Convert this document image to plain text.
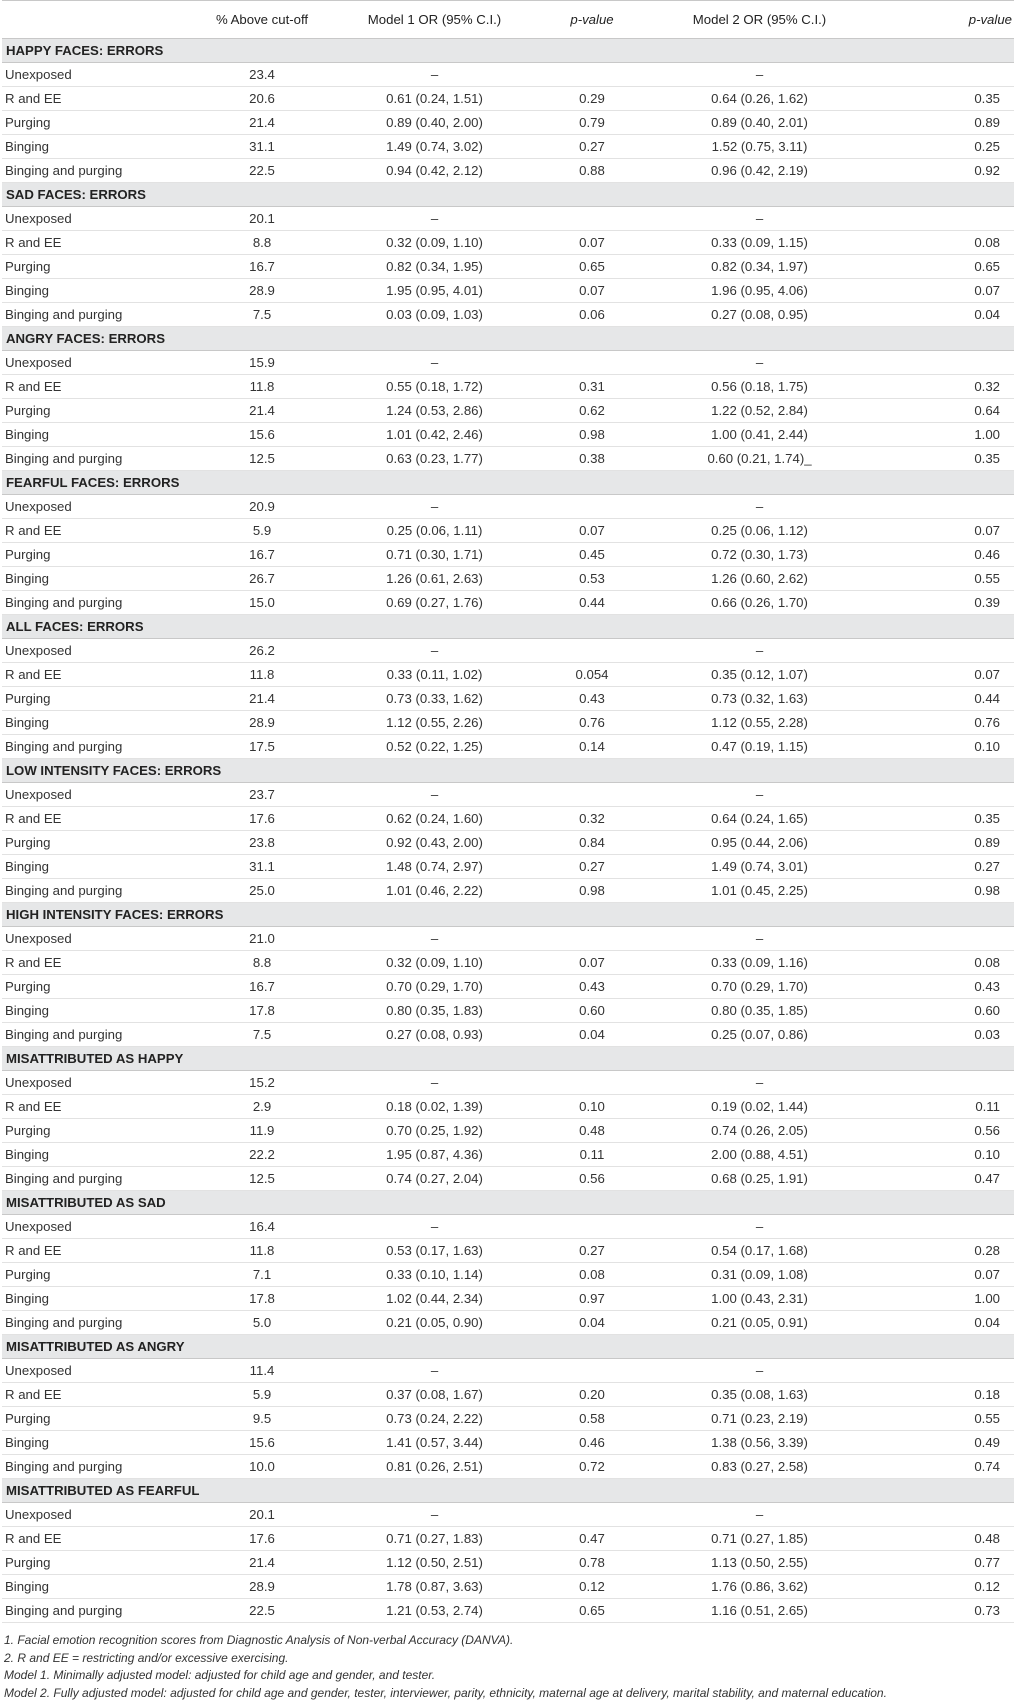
	% Above cut-off	Model 1 OR (95% C.I.)	p-value	Model 2 OR (95% C.I.)	p-value
HAPPY FACES: ERRORS					
Unexposed	23.4	–		–	
R and EE	20.6	0.61 (0.24, 1.51)	0.29	0.64 (0.26, 1.62)	0.35
Purging	21.4	0.89 (0.40, 2.00)	0.79	0.89 (0.40, 2.01)	0.89
Binging	31.1	1.49 (0.74, 3.02)	0.27	1.52 (0.75, 3.11)	0.25
Binging and purging	22.5	0.94 (0.42, 2.12)	0.88	0.96 (0.42, 2.19)	0.92
SAD FACES: ERRORS					
Unexposed	20.1	–		–	
R and EE	8.8	0.32 (0.09, 1.10)	0.07	0.33 (0.09, 1.15)	0.08
Purging	16.7	0.82 (0.34, 1.95)	0.65	0.82 (0.34, 1.97)	0.65
Binging	28.9	1.95 (0.95, 4.01)	0.07	1.96 (0.95, 4.06)	0.07
Binging and purging	7.5	0.03 (0.09, 1.03)	0.06	0.27 (0.08, 0.95)	0.04
ANGRY FACES: ERRORS					
Unexposed	15.9	–		–	
R and EE	11.8	0.55 (0.18, 1.72)	0.31	0.56 (0.18, 1.75)	0.32
Purging	21.4	1.24 (0.53, 2.86)	0.62	1.22 (0.52, 2.84)	0.64
Binging	15.6	1.01 (0.42, 2.46)	0.98	1.00 (0.41, 2.44)	1.00
Binging and purging	12.5	0.63 (0.23, 1.77)	0.38	0.60 (0.21, 1.74)_	0.35
FEARFUL FACES: ERRORS					
Unexposed	20.9	–		–	
R and EE	5.9	0.25 (0.06, 1.11)	0.07	0.25 (0.06, 1.12)	0.07
Purging	16.7	0.71 (0.30, 1.71)	0.45	0.72 (0.30, 1.73)	0.46
Binging	26.7	1.26 (0.61, 2.63)	0.53	1.26 (0.60, 2.62)	0.55
Binging and purging	15.0	0.69 (0.27, 1.76)	0.44	0.66 (0.26, 1.70)	0.39
ALL FACES: ERRORS					
Unexposed	26.2	–		–	
R and EE	11.8	0.33 (0.11, 1.02)	0.054	0.35 (0.12, 1.07)	0.07
Purging	21.4	0.73 (0.33, 1.62)	0.43	0.73 (0.32, 1.63)	0.44
Binging	28.9	1.12 (0.55, 2.26)	0.76	1.12 (0.55, 2.28)	0.76
Binging and purging	17.5	0.52 (0.22, 1.25)	0.14	0.47 (0.19, 1.15)	0.10
LOW INTENSITY FACES: ERRORS					
Unexposed	23.7	–		–	
R and EE	17.6	0.62 (0.24, 1.60)	0.32	0.64 (0.24, 1.65)	0.35
Purging	23.8	0.92 (0.43, 2.00)	0.84	0.95 (0.44, 2.06)	0.89
Binging	31.1	1.48 (0.74, 2.97)	0.27	1.49 (0.74, 3.01)	0.27
Binging and purging	25.0	1.01 (0.46, 2.22)	0.98	1.01 (0.45, 2.25)	0.98
HIGH INTENSITY FACES: ERRORS					
Unexposed	21.0	–		–	
R and EE	8.8	0.32 (0.09, 1.10)	0.07	0.33 (0.09, 1.16)	0.08
Purging	16.7	0.70 (0.29, 1.70)	0.43	0.70 (0.29, 1.70)	0.43
Binging	17.8	0.80 (0.35, 1.83)	0.60	0.80 (0.35, 1.85)	0.60
Binging and purging	7.5	0.27 (0.08, 0.93)	0.04	0.25 (0.07, 0.86)	0.03
MISATTRIBUTED AS HAPPY					
Unexposed	15.2	–		–	
R and EE	2.9	0.18 (0.02, 1.39)	0.10	0.19 (0.02, 1.44)	0.11
Purging	11.9	0.70 (0.25, 1.92)	0.48	0.74 (0.26, 2.05)	0.56
Binging	22.2	1.95 (0.87, 4.36)	0.11	2.00 (0.88, 4.51)	0.10
Binging and purging	12.5	0.74 (0.27, 2.04)	0.56	0.68 (0.25, 1.91)	0.47
MISATTRIBUTED AS SAD					
Unexposed	16.4	–		–	
R and EE	11.8	0.53 (0.17, 1.63)	0.27	0.54 (0.17, 1.68)	0.28
Purging	7.1	0.33 (0.10, 1.14)	0.08	0.31 (0.09, 1.08)	0.07
Binging	17.8	1.02 (0.44, 2.34)	0.97	1.00 (0.43, 2.31)	1.00
Binging and purging	5.0	0.21 (0.05, 0.90)	0.04	0.21 (0.05, 0.91)	0.04
MISATTRIBUTED AS ANGRY					
Unexposed	11.4	–		–	
R and EE	5.9	0.37 (0.08, 1.67)	0.20	0.35 (0.08, 1.63)	0.18
Purging	9.5	0.73 (0.24, 2.22)	0.58	0.71 (0.23, 2.19)	0.55
Binging	15.6	1.41 (0.57, 3.44)	0.46	1.38 (0.56, 3.39)	0.49
Binging and purging	10.0	0.81 (0.26, 2.51)	0.72	0.83 (0.27, 2.58)	0.74
MISATTRIBUTED AS FEARFUL					
Unexposed	20.1	–		–	
R and EE	17.6	0.71 (0.27, 1.83)	0.47	0.71 (0.27, 1.85)	0.48
Purging	21.4	1.12 (0.50, 2.51)	0.78	1.13 (0.50, 2.55)	0.77
Binging	28.9	1.78 (0.87, 3.63)	0.12	1.76 (0.86, 3.62)	0.12
Binging and purging	22.5	1.21 (0.53, 2.74)	0.65	1.16 (0.51, 2.65)	0.73
1. Facial emotion recognition scores from Diagnostic Analysis of Non-verbal Accuracy (DANVA).
2. R and EE = restricting and/or excessive exercising.
Model 1. Minimally adjusted model: adjusted for child age and gender, and tester.
Model 2. Fully adjusted model: adjusted for child age and gender, tester, interviewer, parity, ethnicity, maternal age at delivery, marital stability, and maternal education.
